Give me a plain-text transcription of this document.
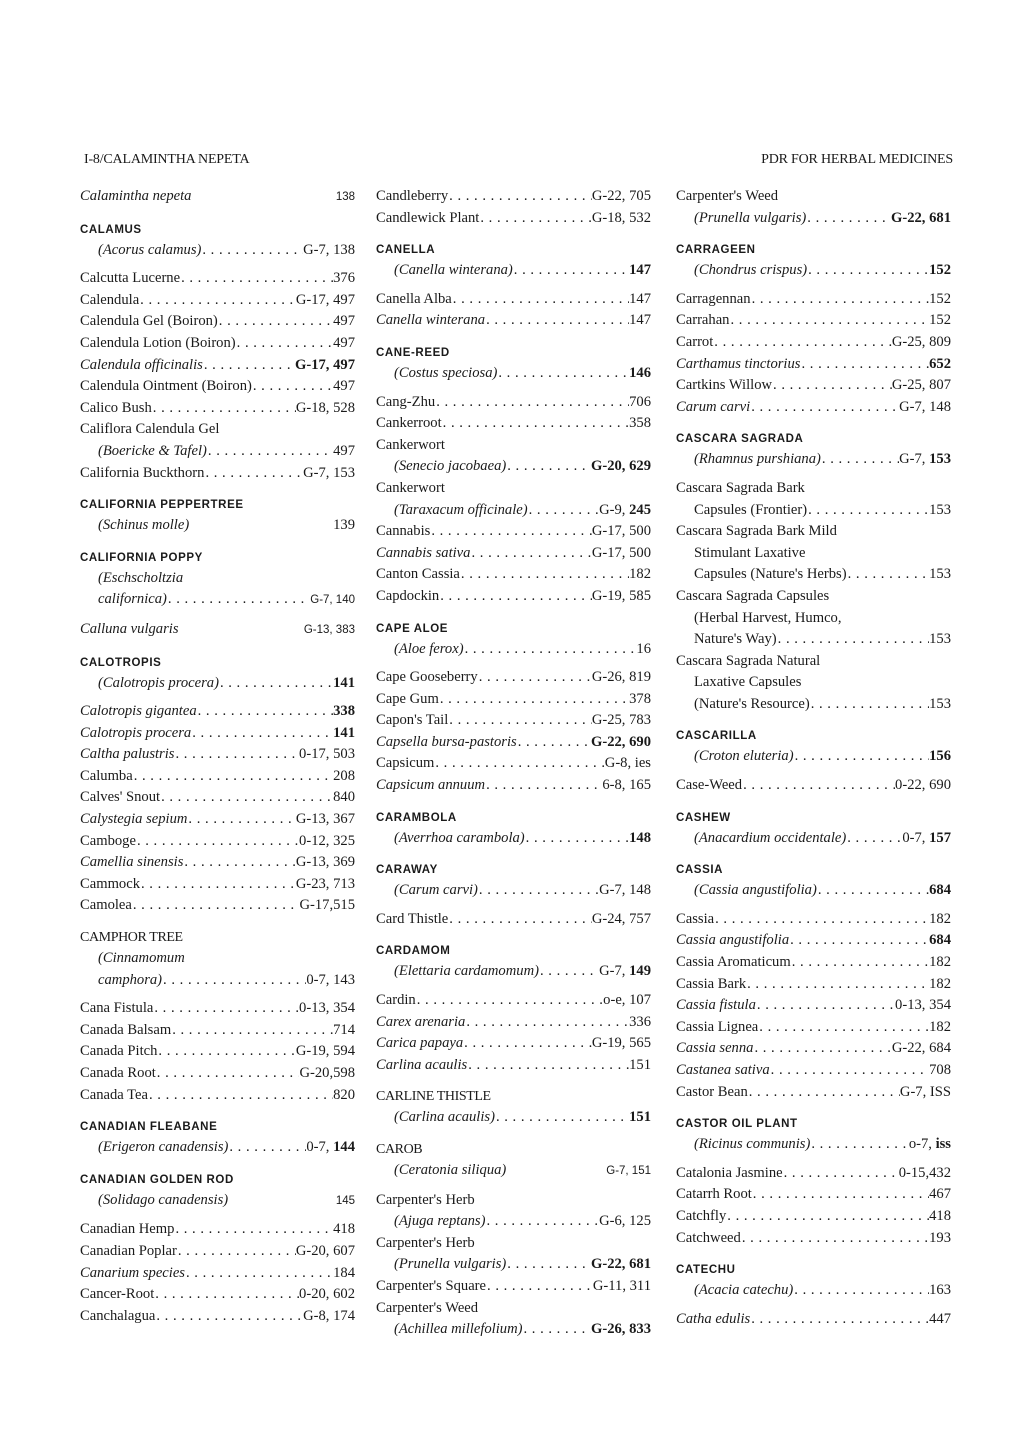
I-8/CALAMINTHA NEPETA	PDR FOR HERBAL MEDICINES
Calamintha nepeta	138
CALAMUS
(Acorus calamus) . . .	G-7, 138
Calcutta Lucerne . . .	376
Calendula . . .	G-17, 497
Calendula Gel (Boiron) . . .	497
Calendula Lotion (Boiron) . . .	497
Calendula officinalis . . .	G-17, 497
Calendula Ointment (Boiron) . . .	497
Calico Bush . . .	G-18, 528
Califlora Calendula Gel
(Boericke & Tafel) . . .	497
California Buckthorn . . .	G-7, 153
CALIFORNIA PEPPERTREE
(Schinus molle)	139
CALIFORNIA POPPY
(Eschscholtzia
californica) . . .	G-7, 140
Calluna vulgaris	G-13, 383
CALOTROPIS
(Calotropis procera) . . .	141
Calotropis gigantea . . .	338
Calotropis procera . . .	141
Caltha palustris . . .	0-17, 503
Calumba . . .	208
Calves' Snout . . .	840
Calystegia sepium . . .	G-13, 367
Camboge . . .	0-12, 325
Camellia sinensis . . .	G-13, 369
Cammock . . .	G-23, 713
Camolea . . .	G-17,515
CAMPHOR TREE
(Cinnamomum
camphora) . . .	0-7, 143
Cana Fistula . . .	0-13, 354
Canada Balsam . . .	714
Canada Pitch . . .	G-19, 594
Canada Root . . .	G-20,598
Canada Tea . . .	820
CANADIAN FLEABANE
(Erigeron canadensis) . . .	0-7, 144
CANADIAN GOLDEN ROD
(Solidago canadensis)	145
Canadian Hemp . . .	418
Canadian Poplar . . .	G-20, 607
Canarium species . . .	184
Cancer-Root . . .	0-20, 602
Canchalagua . . .	G-8, 174
Candleberry . . .	G-22, 705
Candlewick Plant . . .	G-18, 532
CANELLA
(Canella winterana) . . .	147
Canella Alba . . .	147
Canella winterana . . .	147
CANE-REED
(Costus speciosa) . . .	146
Cang-Zhu . . .	706
Cankerroot . . .	358
Cankerwort
(Senecio jacobaea) . . .	G-20, 629
Cankerwort
(Taraxacum officinale) . . .	G-9, 245
Cannabis . . .	G-17, 500
Cannabis sativa . . .	G-17, 500
Canton Cassia . . .	182
Capdockin . . .	G-19, 585
CAPE ALOE
(Aloe ferox) . . .	16
Cape Gooseberry . . .	G-26, 819
Cape Gum . . .	378
Capon's Tail . . .	G-25, 783
Capsella bursa-pastoris . . .	G-22, 690
Capsicum . . .	G-8, ies
Capsicum annuum . . .	6-8, 165
CARAMBOLA
(Averrhoa carambola) . . .	148
CARAWAY
(Carum carvi) . . .	G-7, 148
Card Thistle . . .	G-24, 757
CARDAMOM
(Elettaria cardamomum) . . .	G-7, 149
Cardin . . .	o-e, 107
Carex arenaria . . .	336
Carica papaya . . .	G-19, 565
Carlina acaulis . . .	151
CARLINE THISTLE
(Carlina acaulis) . . .	151
CAROB
(Ceratonia siliqua)	G-7, 151
Carpenter's Herb
(Ajuga reptans) . . .	G-6, 125
Carpenter's Herb
(Prunella vulgaris) . . .	G-22, 681
Carpenter's Square . . .	G-11, 311
Carpenter's Weed
(Achillea millefolium) . . .	G-26, 833
Carpenter's Weed
(Prunella vulgaris) . . .	G-22, 681
CARRAGEEN
(Chondrus crispus) . . .	152
Carragennan . . .	152
Carrahan . . .	152
Carrot . . .	G-25, 809
Carthamus tinctorius . . .	652
Cartkins Willow . . .	G-25, 807
Carum carvi . . .	G-7, 148
CASCARA SAGRADA
(Rhamnus purshiana) . . .	G-7, 153
Cascara Sagrada Bark
Capsules (Frontier) . . .	153
Cascara Sagrada Bark Mild
Stimulant Laxative
Capsules (Nature's Herbs) . . .	153
Cascara Sagrada Capsules
(Herbal Harvest, Humco,
Nature's Way) . . .	153
Cascara Sagrada Natural
Laxative Capsules
(Nature's Resource) . . .	153
CASCARILLA
(Croton eluteria) . . .	156
Case-Weed . . .	0-22, 690
CASHEW
(Anacardium occidentale) . . .	0-7, 157
CASSIA
(Cassia angustifolia) . . .	684
Cassia . . .	182
Cassia angustifolia . . .	684
Cassia Aromaticum . . .	182
Cassia Bark . . .	182
Cassia fistula . . .	0-13, 354
Cassia Lignea . . .	182
Cassia senna . . .	G-22, 684
Castanea sativa . . .	708
Castor Bean . . .	G-7, ISS
CASTOR OIL PLANT
(Ricinus communis) . . .	o-7, iss
Catalonia Jasmine . . .	0-15,432
Catarrh Root . . .	467
Catchfly . . .	418
Catchweed . . .	193
CATECHU
(Acacia catechu) . . .	163
Catha edulis . . .	447
